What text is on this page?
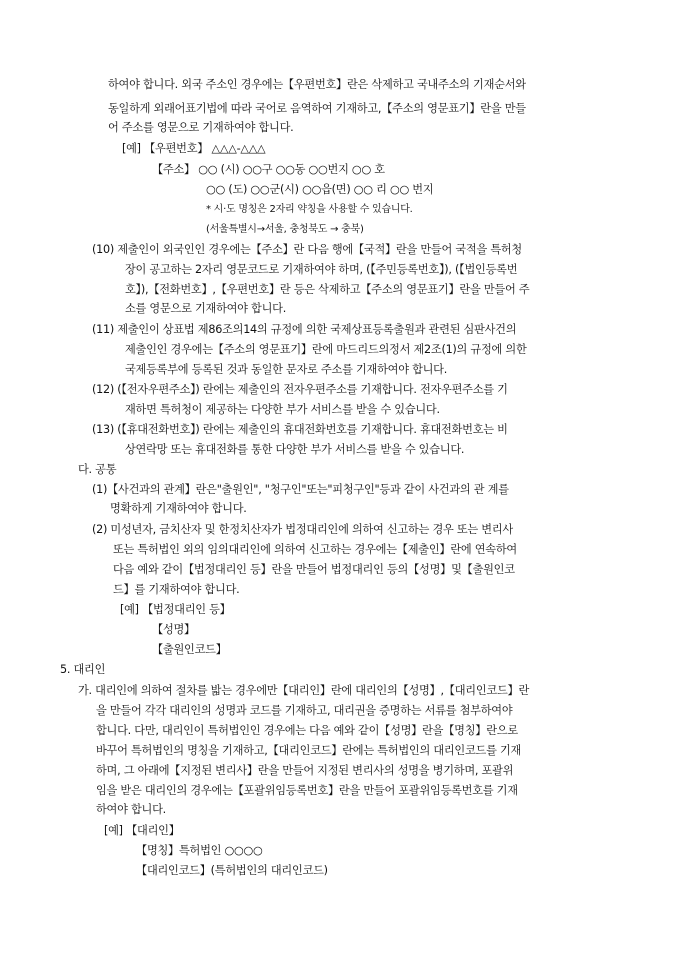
하여야 합니다. 외국 주소인 경우에는【우편번호】란은 삭제하고 국내주소의 기재순서와

동일하게 외래어표기법에 따라 국어로 음역하여 기재하고,【주소의 영문표기】란을 만들

어 주소를 영문으로 기재하여야 합니다.

[예] 【우편번호】 △△△-△△△

【주소】 ○○ (시) ○○구 ○○동 ○○번지 ○○ 호

○○ (도) ○○군(시) ○○읍(면) ○○ 리 ○○ 번지

* 시·도 명칭은 2자리 약칭을 사용할 수 있습니다.

(서울특별시→서울, 충청북도 → 충북)

(10) 제출인이 외국인인 경우에는【주소】란 다음 행에【국적】란을 만들어 국적을 특허청

장이 공고하는 2자리 영문코드로 기재하여야 하며, (【주민등록번호】), (【법인등록번

호】),【전화번호】,【우편번호】란 등은 삭제하고【주소의 영문표기】란을 만들어 주

소를 영문으로 기재하여야 합니다.

(11) 제출인이 상표법 제86조의14의 규정에 의한 국제상표등록출원과 관련된 심판사건의

제출인인 경우에는【주소의 영문표기】란에 마드리드의정서 제2조(1)의 규정에 의한

국제등록부에 등록된 것과 동일한 문자로 주소를 기재하여야 합니다.

(12) (【전자우편주소】) 란에는 제출인의 전자우편주소를 기재합니다. 전자우편주소를 기

재하면 특허청이 제공하는 다양한 부가 서비스를 받을 수 있습니다.

(13) (【휴대전화번호】) 란에는 제출인의 휴대전화번호를 기재합니다. 휴대전화번호는 비

상연락망 또는 휴대전화를 통한 다양한 부가 서비스를 받을 수 있습니다.

다. 공통

(1)【사건과의 관계】란은"출원인", "청구인"또는"피청구인"등과 같이 사건과의 관 계를

명확하게 기재하여야 합니다.

(2) 미성년자, 금치산자 및 한정치산자가 법정대리인에 의하여 신고하는 경우 또는 변리사

또는 특허법인 외의 임의대리인에 의하여 신고하는 경우에는【제출인】란에 연속하여

다음 예와 같이【법정대리인 등】란을 만들어 법정대리인 등의【성명】및【출원인코

드】를 기재하여야 합니다.

[예] 【법정대리인 등】

【성명】

【출원인코드】

5. 대리인

가. 대리인에 의하여 절차를 밟는 경우에만【대리인】란에 대리인의【성명】,【대리인코드】란

을 만들어 각각 대리인의 성명과 코드를 기재하고, 대리권을 증명하는 서류를 첨부하여야

합니다. 다만, 대리인이 특허법인인 경우에는 다음 예와 같이【성명】란을【명칭】란으로

바꾸어 특허법인의 명칭을 기재하고,【대리인코드】란에는 특허법인의 대리인코드를 기재

하며, 그 아래에【지정된 변리사】란을 만들어 지정된 변리사의 성명을 병기하며, 포괄위

임을 받은 대리인의 경우에는【포괄위임등록번호】란을 만들어 포괄위임등록번호를 기재

하여야 합니다.

[예] 【대리인】

【명칭】특허법인 ○○○○

【대리인코드】(특허법인의 대리인코드)
